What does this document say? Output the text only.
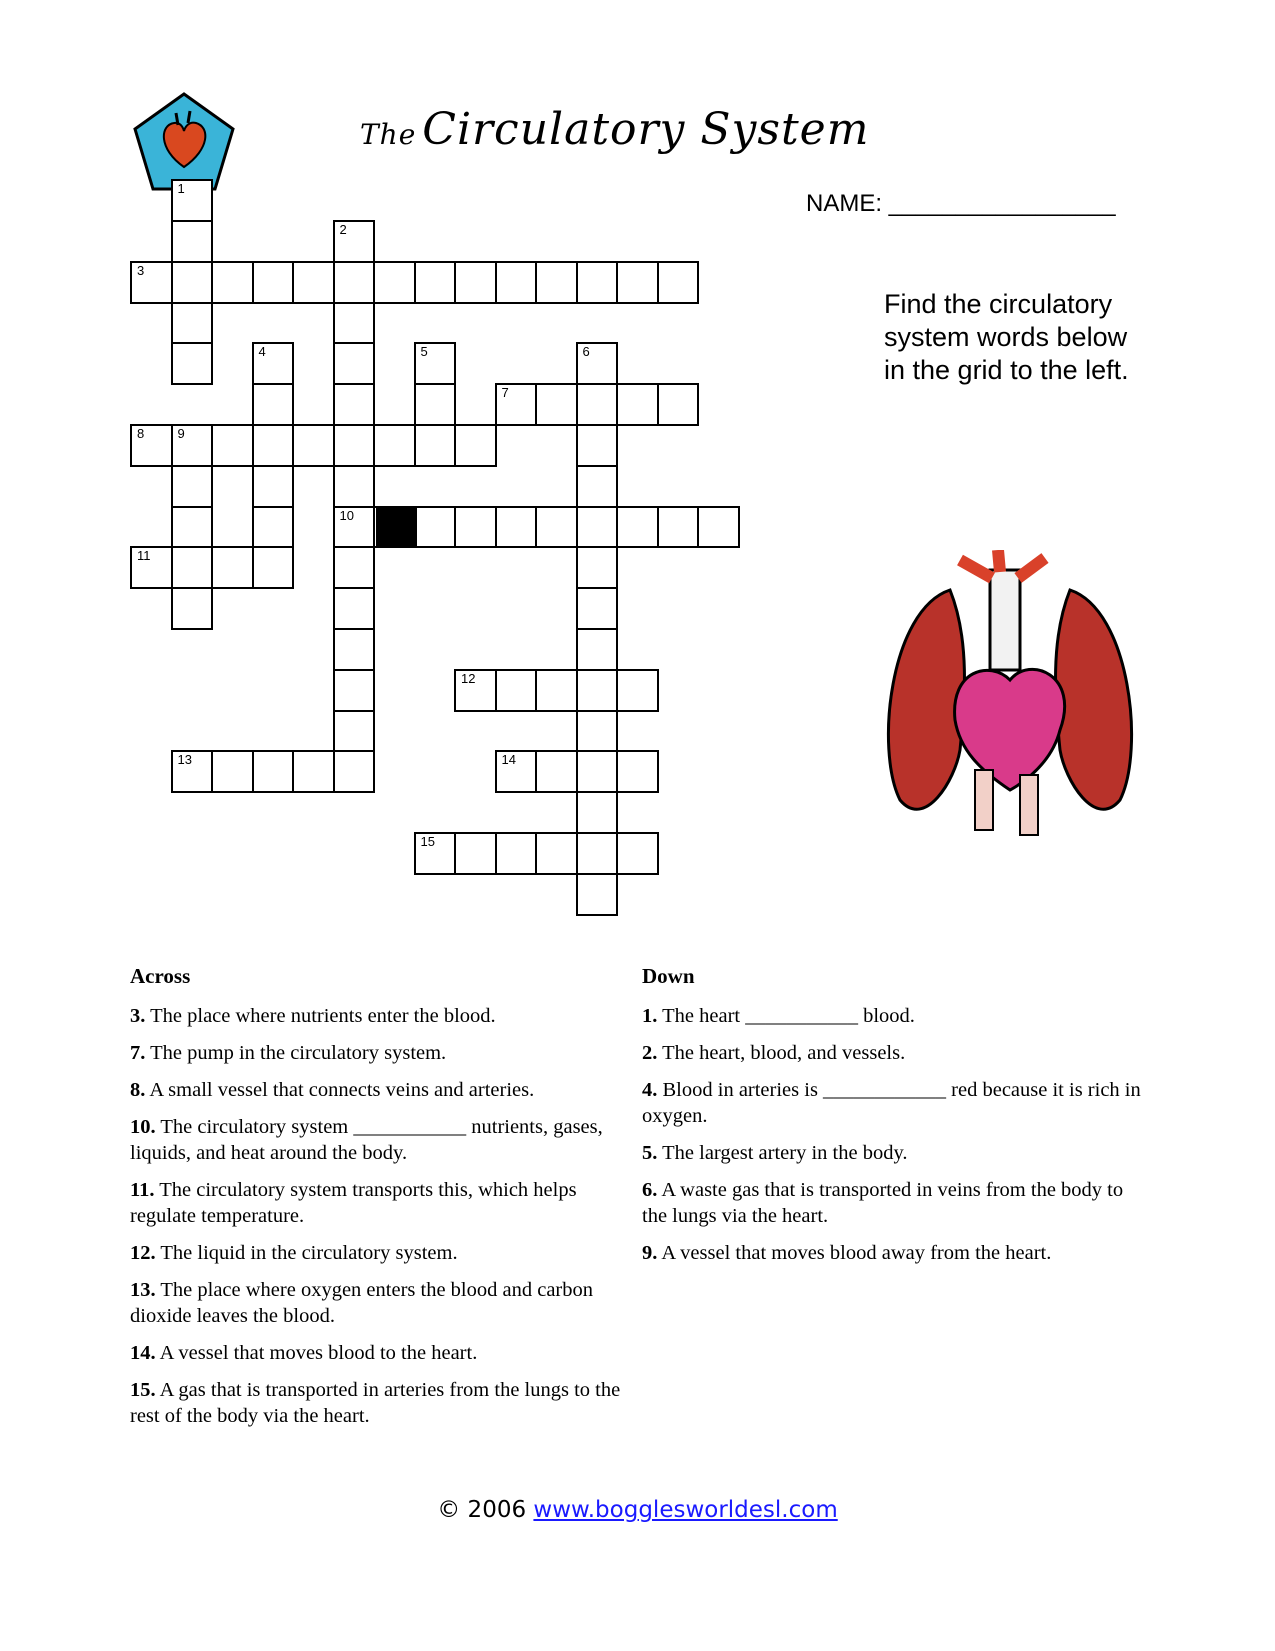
The Circulatory System
NAME: _________________
Find the circulatory system words below in the grid to the left.
1
2
10
3
4	5	6
7
8	9
11
12
13	14
15
Across
3. The place where nutrients enter the blood.
7. The pump in the circulatory system.
8. A small vessel that connects veins and arteries.
10. The circulatory system ___________ nutrients, gases, liquids, and heat around the body.
11. The circulatory system transports this, which helps regulate temperature.
12. The liquid in the circulatory system.
13. The place where oxygen enters the blood and carbon dioxide leaves the blood.
14. A vessel that moves blood to the heart.
15. A gas that is transported in arteries from the lungs to the rest of the body via the heart.
Down
1. The heart ___________ blood.
2. The heart, blood, and vessels.
4. Blood in arteries is ____________ red because it is rich in oxygen.
5. The largest artery in the body.
6. A waste gas that is transported in veins from the body to the lungs via the heart.
9. A vessel that moves blood away from the heart.
© 2006 www.bogglesworldesl.com
